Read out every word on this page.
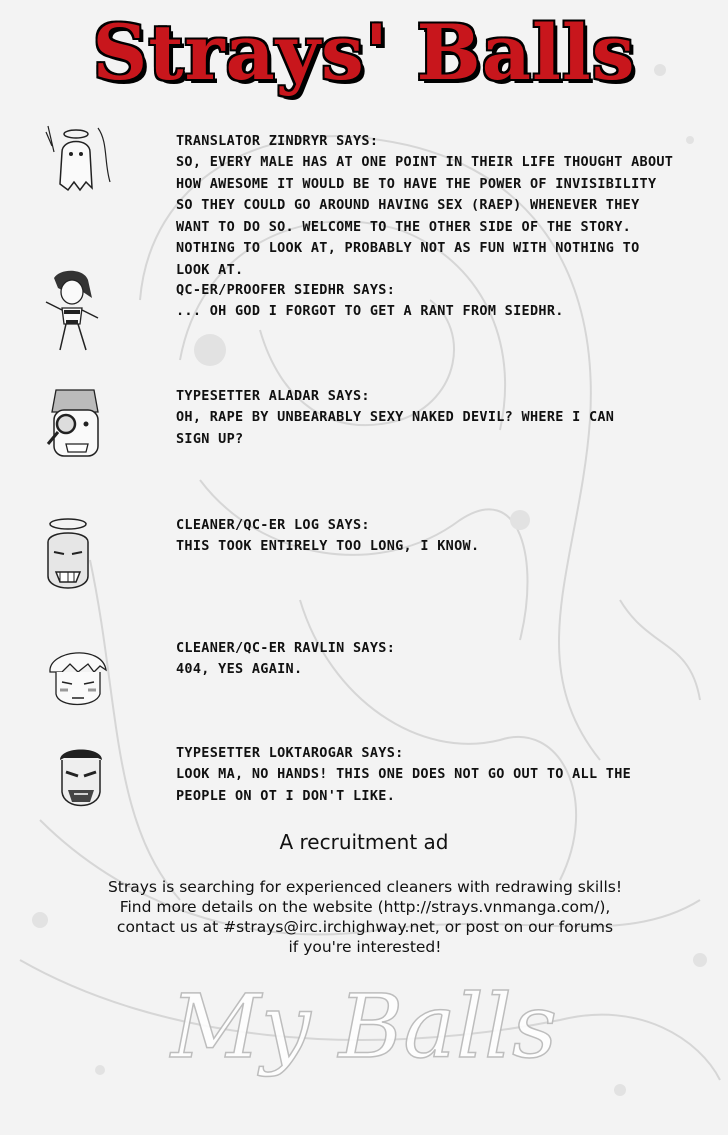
Strays' Balls
TRANSLATOR ZINDRYR SAYS:
SO, EVERY MALE HAS AT ONE POINT IN THEIR LIFE THOUGHT ABOUT
HOW AWESOME IT WOULD BE TO HAVE THE POWER OF INVISIBILITY
SO THEY COULD GO AROUND HAVING SEX (RAEP) WHENEVER THEY
WANT TO DO SO. WELCOME TO THE OTHER SIDE OF THE STORY.
NOTHING TO LOOK AT, PROBABLY NOT AS FUN WITH NOTHING TO
LOOK AT.
QC-ER/PROOFER SIEDHR SAYS:
... OH GOD I FORGOT TO GET A RANT FROM SIEDHR.
TYPESETTER ALADAR SAYS:
OH, RAPE BY UNBEARABLY SEXY NAKED DEVIL? WHERE I CAN
SIGN UP?
CLEANER/QC-ER LOG SAYS:
THIS TOOK ENTIRELY TOO LONG, I KNOW.
CLEANER/QC-ER RAVLIN SAYS:
404, YES AGAIN.
TYPESETTER LOKTAROGAR SAYS:
LOOK MA, NO HANDS! THIS ONE DOES NOT GO OUT TO ALL THE
PEOPLE ON OT I DON'T LIKE.
A recruitment ad
Strays is searching for experienced cleaners with redrawing skills!
Find more details on the website (http://strays.vnmanga.com/),
contact us at #strays@irc.irchighway.net, or post on our forums
if you're interested!
My Balls
